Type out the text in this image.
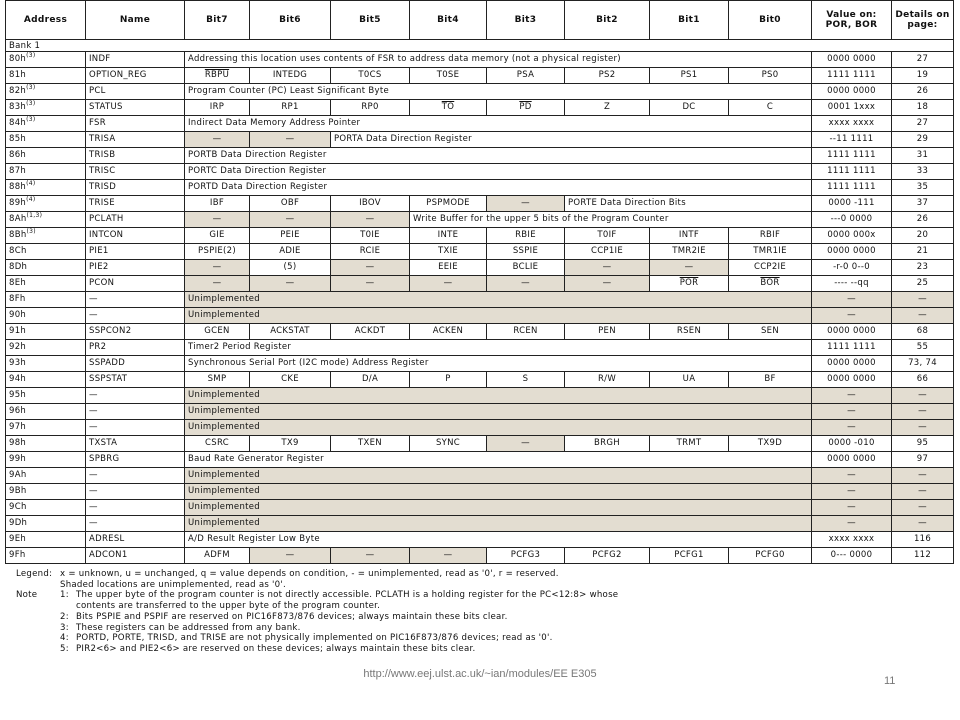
Address	Name	Bit7	Bit6	Bit5	Bit4	Bit3	Bit2	Bit1	Bit0	Value on: POR, BOR	Details on page:
Bank 1											
$80h^{(3)}$	INDF	Addressing this location uses contents of FSR to address data memory (not a physical register)								0000 0000	27
81h	OPTION_REG	RBPU	INTEDG	T0CS	T0SE	PSA	PS2	PS1	PS0	1111 1111	19
$82h^{(3)}$	PCL	Program Counter (PC) Least Significant Byte								0000 0000	26
$83h^{(3)}$	STATUS	IRP	RP1	RP0	$\overline{TO}$	$\overline{PD}$	Z	DC	C	0001 1xxx	18
$84h^{(3)}$	FSR	Indirect Data Memory Address Pointer								xxxx xxxx	27
85h	TRISA	—	—	PORTA Data Direction Register						--11 1111	29
86h	TRISB	PORTB Data Direction Register								1111 1111	31
87h	TRISC	PORTC Data Direction Register								1111 1111	33
$88h^{(4)}$	TRISD	PORTD Data Direction Register								1111 1111	35
$89h^{(4)}$	TRISE	IBF	OBF	IBOV	PSPMODE	—	PORTE Data Direction Bits			0000 -111	37
8Ah$^{(1,3)}$	PCLATH	—	—	—	Write Buffer for the upper 5 bits of the Program Counter					---0 0000	26
8Bh$^{(3)}$	INTCON	GIE	PEIE	T0IE	INTE	RBIE	T0IF	INTF	RBIF	0000 000x	20
8Ch	PIE1	PSPIE(2)	ADIE	RCIE	TXIE	SSPIE	CCP1IE	TMR2IE	TMR1IE	0000 0000	21
8Dh	PIE2	—	(5)	—	EEIE	BCLIE	—	—	CCP2IE	-r-0 0--0	23
8Eh	PCON	—	—	—	—	—	—	$\overline{POR}$	$\overline{BOR}$	---- --qq	25
8Fh	—	Unimplemented								—	—
90h	—	Unimplemented								—	—
91h	SSPCON2	GCEN	ACKSTAT	ACKDT	ACKEN	RCEN	PEN	RSEN	SEN	0000 0000	68
92h	PR2	Timer2 Period Register								1111 1111	55
93h	SSPADD	Synchronous Serial Port (I2C mode) Address Register								0000 0000	73, 74
94h	SSPSTAT	SMP	CKE	D/A	P	S	R/W	UA	BF	0000 0000	66
95h	—	Unimplemented								—	—
96h	—	Unimplemented								—	—
97h	—	Unimplemented								—	—
98h	TXSTA	CSRC	TX9	TXEN	SYNC	—	BRGH	TRMT	TX9D	0000 -010	95
99h	SPBRG	Baud Rate Generator Register								0000 0000	97
9Ah	—	Unimplemented								—	—
9Bh	—	Unimplemented								—	—
9Ch	—	Unimplemented								—	—
9Dh	—	Unimplemented								—	—
9Eh	ADRESL	A/D Result Register Low Byte								xxxx xxxx	116
9Fh	ADCON1	ADFM	—	—	—	PCFG3	PCFG2	PCFG1	PCFG0	0--- 0000	112
Legend: x = unknown, u = unchanged, q = value depends on condition, - = unimplemented, read as '0', r = reserved.
Shaded locations are unimplemented, read as '0'.
Note	1: The upper byte of the program counter is not directly accessible. PCLATH is a holding register for the PC<12:8> whose
contents are transferred to the upper byte of the program counter.
2: Bits PSPIE and PSPIF are reserved on PIC16F873/876 devices; always maintain these bits clear.
3: These registers can be addressed from any bank.
4: PORTD, PORTE, TRISD, and TRISE are not physically implemented on PIC16F873/876 devices; read as '0'.
5: PIR2<6> and PIE2<6> are reserved on these devices; always maintain these bits clear.
http://www.eej.ulst.ac.uk/~ian/modules/EE E305
11
